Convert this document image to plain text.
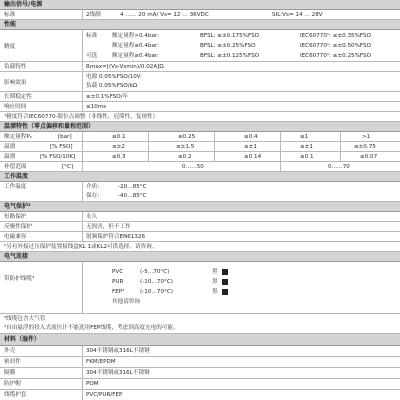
输出信号/电源
标准	2线制	4 …… 20 mA/ Vs= 12 … 36VDC	SIL:Vs= 14 … 28V
性能
精度
标准	额定量程>0.4bar:	BFSL: ≤±0.175%FSO	IEC60770¹: ≤±0.35%FSO
额定量程≤0.4bar:	BFSL: ≤±0.25%FSO	IEC60770¹: ≤±0.50%FSO
可选	额定量程≥0.4bar:	BFSL: ≤±0.125%FSO	IEC60770¹: ≤±0.25%FSO
负载特性	Rmax=[(Vs-Vsmin)/0.02A]Ω
影响效果
电源 0.05%FSO/10V
负载 0.05%FSO/kΩ
长期稳定性	≤±0.1%FSO/年
响应时间	≤10ms
¹精度符合IEC60770-限位点调整（非线性，迟滞性，复现性）
温漂特性（零点偏移和量程范围）
额定量程Pₙ	[bar]	≤0.1	≤0.25	≤0.4	≤1	>1
温漂	[% FSO]	≤±2	≤±1.5	≤±1	≤±1	≤±0.75
温漂	[% FSO/10K]	≤0.3	≤0.2	≤0.14	≤0.1	≤0.07
补偿范围	[°C]	0……50	0……70
工作温度
工作温度	介质:	-20…85°C
保存:	-40…85°C
电气保护²
短路保护	永久
反极性保护	无损害，但不工作
电磁兼容	射频保护符合EN61326
²另有外接过压保护装置接线盒KL 1或KL2可供选择，请咨询。
电气连接
带防护线缆³
PVC	(-5…70°C)	黑
PUR	(-10…70°C)	黑
FEP⁴	(-10…70°C)	黑
其他请咨询
³线缆包含大气管
⁴自由悬浮的投入式液位计不能选用FEP线缆，考虑到高度充电的可能。
材料（湿件）
外壳	304不锈钢或316L不锈钢
密封件	FKM/EPDM
隔膜	304不锈钢或316L不锈钢
防护帽	POM
线缆护套	PVC/PUR/FEP
